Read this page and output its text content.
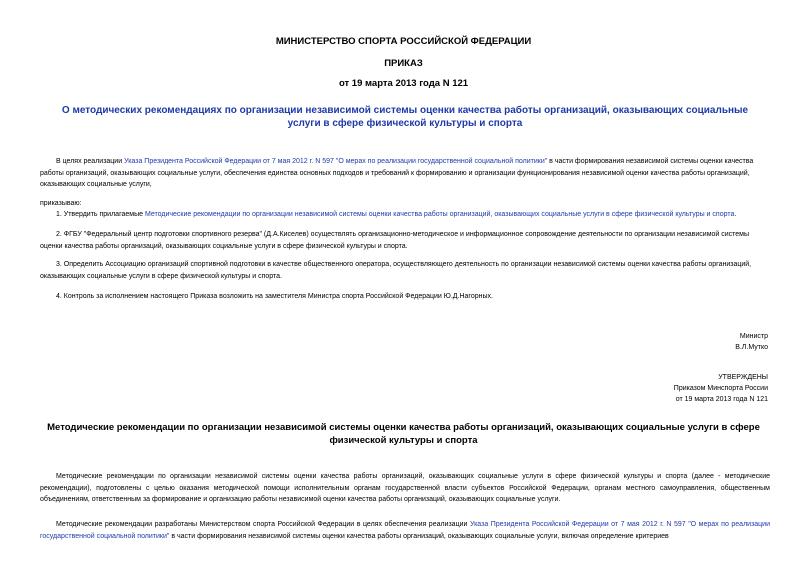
МИНИСТЕРСТВО СПОРТА РОССИЙСКОЙ ФЕДЕРАЦИИ
ПРИКАЗ
от 19 марта 2013 года N 121
О методических рекомендациях по организации независимой системы оценки качества работы организаций, оказывающих социальные услуги в сфере физической культуры и спорта
В целях реализации Указа Президента Российской Федерации от 7 мая 2012 г. N 597 "О мерах по реализации государственной социальной политики" в части формирования независимой системы оценки качества работы организаций, оказывающих социальные услуги, обеспечения единства основных подходов и требований к формированию и организации функционирования независимой оценки качества работы организаций, оказывающих социальные услуги,
приказываю:
1. Утвердить прилагаемые Методические рекомендации по организации независимой системы оценки качества работы организаций, оказывающих социальные услуги в сфере физической культуры и спорта.
2. ФГБУ "Федеральный центр подготовки спортивного резерва" (Д.А.Киселев) осуществлять организационно-методическое и информационное сопровождение деятельности по организации независимой системы оценки качества работы организаций, оказывающих социальные услуги в сфере физической культуры и спорта.
3. Определить Ассоциацию организаций спортивной подготовки в качестве общественного оператора, осуществляющего деятельность по организации независимой системы оценки качества работы организаций, оказывающих социальные услуги в сфере физической культуры и спорта.
4. Контроль за исполнением настоящего Приказа возложить на заместителя Министра спорта Российской Федерации Ю.Д.Нагорных.
Министр
В.Л.Мутко
УТВЕРЖДЕНЫ
Приказом Минспорта России
от 19 марта 2013 года N 121
Методические рекомендации по организации независимой системы оценки качества работы организаций, оказывающих социальные услуги в сфере физической культуры и спорта
Методические рекомендации по организации независимой системы оценки качества работы организаций, оказывающих социальные услуги в сфере физической культуры и спорта (далее - методические рекомендации), подготовлены с целью оказания методической помощи исполнительным органам государственной власти субъектов Российской Федерации, органам местного самоуправления, общественным объединениям, ответственным за формирование и организацию работы независимой оценки качества работы организаций, оказывающих социальные услуги.
Методические рекомендации разработаны Министерством спорта Российской Федерации в целях обеспечения реализации Указа Президента Российской Федерации от 7 мая 2012 г. N 597 "О мерах по реализации государственной социальной политики" в части формирования независимой системы оценки качества работы организаций, оказывающих социальные услуги, включая определение критериев
